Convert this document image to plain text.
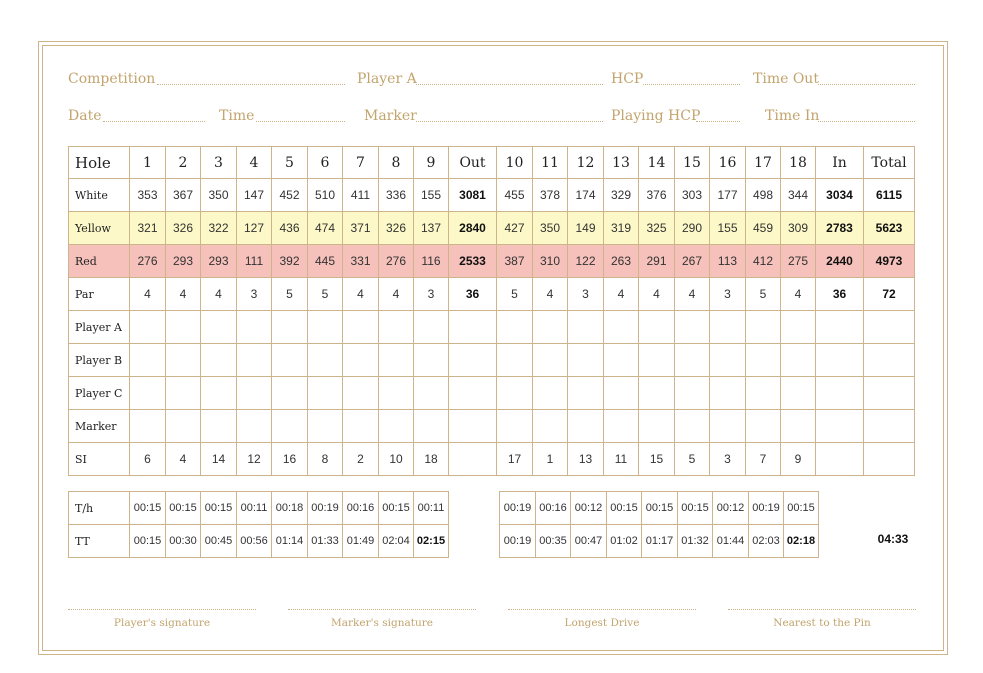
Competition	Player A	HCP	Time Out
Date	Time	Marker	Playing HCP	Time In
Hole	1	2	3	4	5	6	7	8	9	Out	10	11	12	13	14	15	16	17	18	In	Total
White	353	367	350	147	452	510	411	336	155	3081	455	378	174	329	376	303	177	498	344	3034	6115
Yellow	321	326	322	127	436	474	371	326	137	2840	427	350	149	319	325	290	155	459	309	2783	5623
Red	276	293	293	111	392	445	331	276	116	2533	387	310	122	263	291	267	113	412	275	2440	4973
Par	4	4	4	3	5	5	4	4	3	36	5	4	3	4	4	4	3	5	4	36	72
Player A																					
Player B																					
Player C																					
Marker																					
SI	6	4	14	12	16	8	2	10	18		17	1	13	11	15	5	3	7	9		
T/h	00:15	00:15	00:15	00:11	00:18	00:19	00:16	00:15	00:11
TT	00:15	00:30	00:45	00:56	01:14	01:33	01:49	02:04	02:15
00:19	00:16	00:12	00:15	00:15	00:15	00:12	00:19	00:15
00:19	00:35	00:47	01:02	01:17	01:32	01:44	02:03	02:18	04:33
Player's signature	Marker's signature	Longest Drive	Nearest to the Pin
